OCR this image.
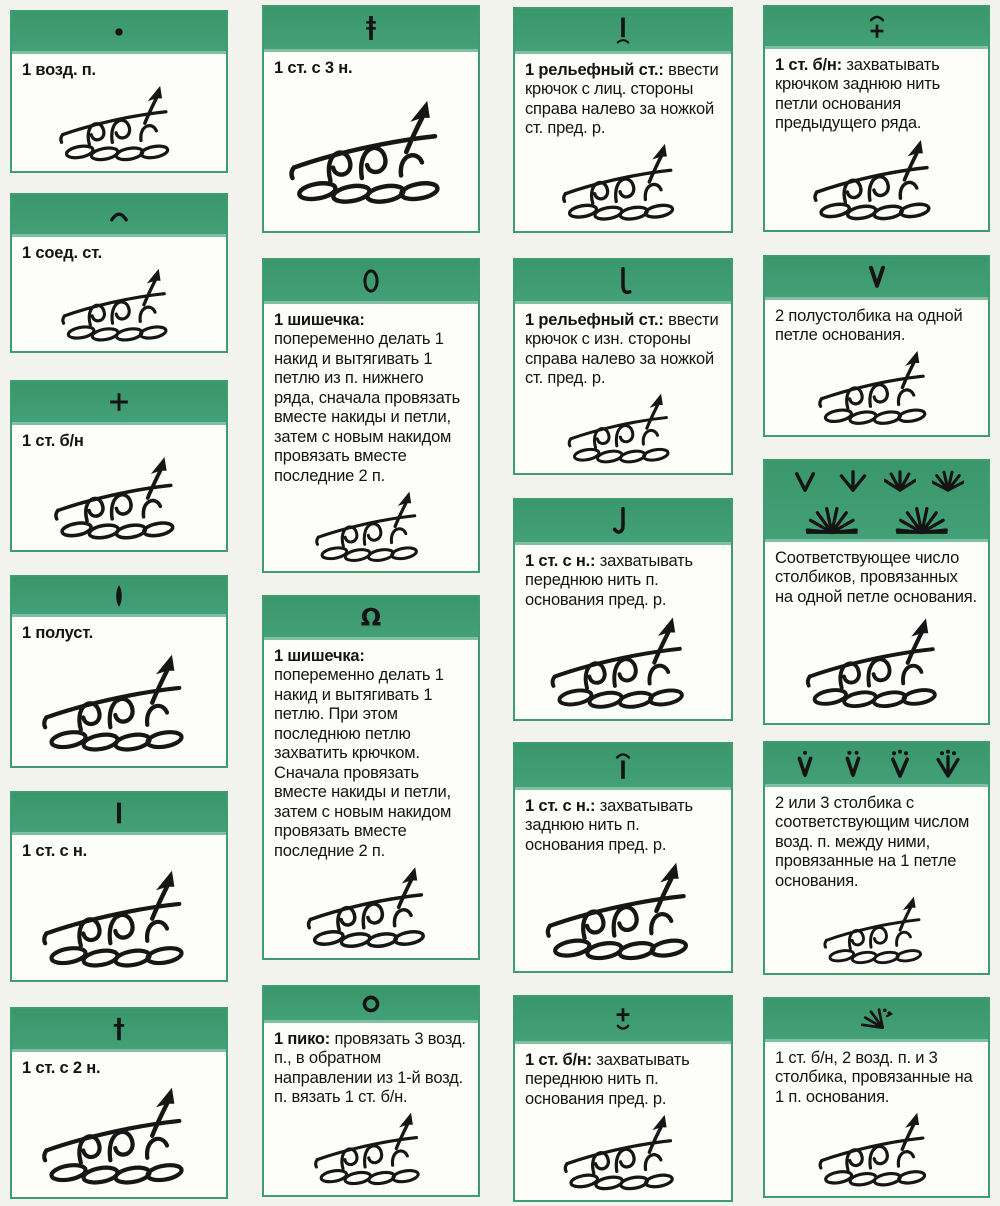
1 возд. п.

1 соед. ст.

1 ст. б/н

1 полуст.

1 ст. с н.

1 ст. с 2 н.

1 ст. с 3 н.

1 шишечка: попеременно делать 1 накид и вытягивать 1 петлю из п. нижнего ряда, сначала провязать вместе накиды и петли, затем с новым накидом провязать вместе последние 2 п.

Ω

1 шишечка: попеременно делать 1 накид и вытягивать 1 петлю. При этом последнюю петлю захватить крючком. Сначала провязать вместе накиды и петли, затем с новым накидом провязать вместе последние 2 п.

1 пико: провязать 3 возд. п., в обратном направлении из 1-й возд. п. вязать 1 ст. б/н.

1 рельефный ст.: ввести крючок с лиц. стороны справа налево за ножкой ст. пред. р.

1 рельефный ст.: ввести крючок с изн. стороны справа налево за ножкой ст. пред. р.

1 ст. с н.: захватывать переднюю нить п. основания пред. р.

1 ст. с н.: захватывать заднюю нить п. основания пред. р.

1 ст. б/н: захватывать переднюю нить п. основания пред. р.

1 ст. б/н: захватывать крючком заднюю нить петли основания предыдущего ряда.

2 полустолбика на одной петле основания.

Соответствующее число столбиков, провязанных на одной петле основания.

2 или 3 столбика с соответствующим числом возд. п. между ними, провязанные на 1 петле основания.

1 ст. б/н, 2 возд. п. и 3 столбика, провязанные на 1 п. основания.
